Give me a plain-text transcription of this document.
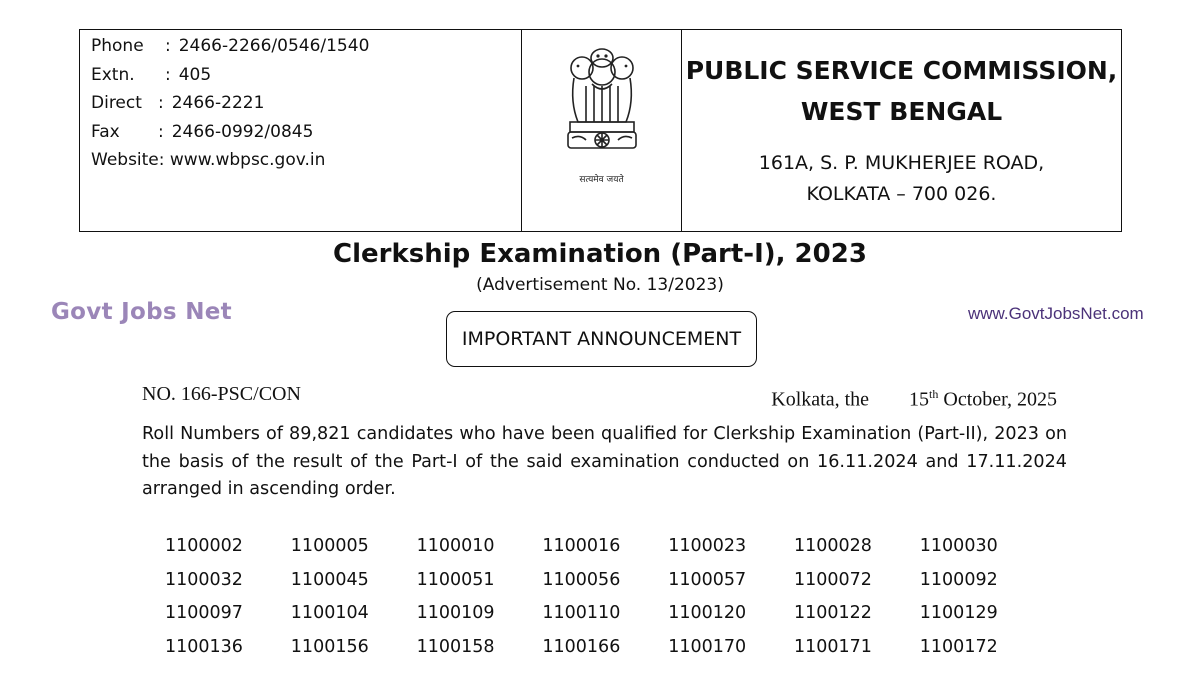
Phone	: 2466-2266/0546/1540
Extn.	: 405
Direct : 2466-2221
Fax	: 2466-0992/0845
Website: www.wbpsc.gov.in
सत्यमेव जयते
PUBLIC SERVICE COMMISSION,
WEST BENGAL
161A, S. P. MUKHERJEE ROAD,
KOLKATA – 700 026.
Clerkship Examination (Part-I), 2023
(Advertisement No. 13/2023)
Govt Jobs Net	www.GovtJobsNet.com
IMPORTANT ANNOUNCEMENT
NO. 166-PSC/CON	Kolkata, the 15th October, 2025
Roll Numbers of 89,821 candidates who have been qualified for Clerkship Examination (Part-II), 2023 on the basis of the result of the Part-I of the said examination conducted on 16.11.2024 and 17.11.2024 arranged in ascending order.
1100002	1100005	1100010	1100016	1100023	1100028	1100030
1100032	1100045	1100051	1100056	1100057	1100072	1100092
1100097	1100104	1100109	1100110	1100120	1100122	1100129
1100136	1100156	1100158	1100166	1100170	1100171	1100172
